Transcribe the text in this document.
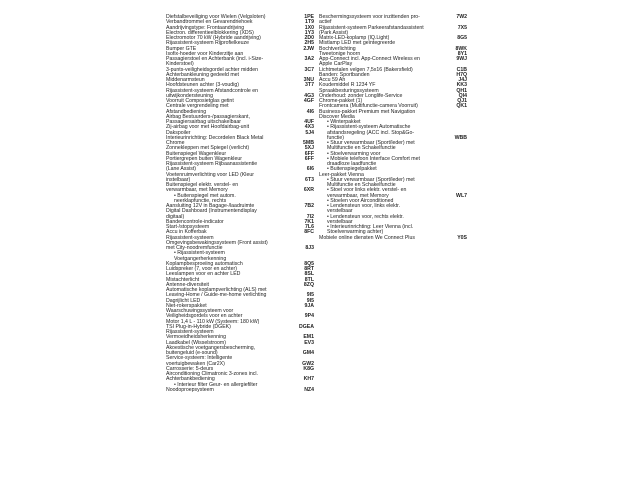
Diefstalbeveiliging voor Wielen (Velgsloten)	1PE
Verbandtrommel en Gevarendriehoek	1T9
Aandrijvingstype: Frontaandrijving	1X0
Electron. differentieelblokkering (XDS)	1Y3
Electromotor 70 kW (Hybride aandrijving)	2D0
Rijassistent-systeem Rijprofielkeuze	2H5
Bumper GTE	2JW
Isofix-hoeder voor Kinderzitje aan
Passagierstoel en Achterbank (incl. i-Size-	3A2
Kinderstoel)
3-punts-veiligheidsgordel achter midden	3C7
Achterbankleuning gedeeld met
Middenarmsteun	3NU
Hoofdsteunen achter (3-voudig)	3T7
Rijassistent-systeem Afstandcontrole en
uitwijkondersteuning	4G3
Voorruit Composietglas getint	4GF
Centrale vergrendeling met
Afstandbediening	4I6
Airbag Bestuurders-/passagierskant,
Passagiersairbag uitschakelbaar	4UF
Zij-airbag voor met Hoofdairbag-unit	4X3
Dakspoiler	5J4
Interieurinrichting: Decordelen Black Metal
Chrome	5MB
Zonnekleppen met Spiegel (verlicht)	5XJ
Buitenspiegel Wagenkleur	6FF
Portiergrepen buiten Wagenkleur	6FF
Rijassistent-systeem Rijbaanassistentie
(Lane Assist)	6I6
Voetenruimverlichting voor LED (Kleur
instelbaar)	6T3
Buitenspiegel elektr. verstel- en
verwarmbaar, met Memory	6XR
• Buitenspiegel met autom.
neerklapfunctie, rechts
Aansluiting 12V in Bagage-/laadruimte	7B2
Digital Dashboard (Instrumentendisplay
digitaal)	7I2
Bandencontrole-indicator	7K1
Start-/stopsysteem	7L6
Accu in Kofferbak	8FC
Rijassistent-systeem
Omgevingsbewakingssysteem (Front assist)
met City-noodremfunctie	8J3
• Rijassistent-systeem
Voetgangerherkenning
Koplampbesproeiing automatisch	8Q5
Luidspreker (7, voor en achter)	8RT
Leeslampen voor en achter LED	8SL
Mistachterlicht	8TL
Antenne-diversiteit	8ZQ
Automatische koplampverlichting (ALS) met
Leaving-Home / Guide-me-home verlichting	9I5
Dagrijlicht LED	9I5
Niet-rokerspakket	9JA
Waarschuwingssysteem voor
Veiligheidsgordels voor en achter	9P4
Motor 1,4 L - 110 kW (Systeem: 180 kW)
TSI Plug-in-Hybride (DGEK)	DGEA
Rijassistent-systeem
Vermoeidheidsherkenning	EM1
Laadkabel (Wisselstroom)	EV3
Akoestische voetgangersbescherming,
buitengeluid (e-sound)	GM4
Service-systeem: Intelligente
voertuigbewaken (Car2X)	GW2
Carrosserie: 5-deurs	K8G
Airconditioning Climatronic 3-zones incl.
Achterbankbediening	KH7
• Interieur filter Geur- en allergiefilter
Noodoproepsysteem	NZ4
Beschermingssysteem voor inzittenden pro-	7W2
actief
Rijassistent-systeem Parkeerafstandassistent	7X5
(Park Assist)
Matrix-LED-koplamp (IQ.Light)	8G5
Mistlamp LED met geïntegreerde
Bochtverlichting	8WK
Tweetonige hoorn	8Y1
App-Connect incl. App-Connect Wireless en	9WJ
Apple CarPlay
Lichtmetalen velgen 7,5x16 (Bakersfield)	C1B
Banden: Sportbanden	H7Q
Accu 59 Ah	J4J
Koudemiddel R 1234 YF	KK3
Spraakbesturingssysteem	QH1
Onderhoud: zonder Longlife-Service	QI4
Chrome-pakket (1)	QJ1
Frontcamera (Multifunctie-camera Voorruit)	QK1
Business-pakket Premium met Navigation
Discover Media
• Winterpakket
• Rijassistent-systeem Automatische
afstandsregeling (ACC incl. Stop&Go-
functie)	WBB
• Stuur verwarmbaar (Sport/leder) met
Multifunctie en Schakelfunctie
• Stoelverwarming voor
• Mobiele telefoon Interface Comfort met
draadloze laadfunctie
• Buitenspiegelpakket
Leer-pakket Vienna
• Stuur verwarmbaar (Sport/leder) met
Multifunctie en Schakelfunctie
• Stoel voor links elektr. verstel- en
verwarmbaar, met Memory	WL7
• Stoelen voor Airconditioned
• Lendensteun voor, links elektr.
verstelbaar
• Lendensteun voor, rechts elektr.
verstelbaar
• Interieurinrichting: Leer Vienna (incl.
Stoelverwarming achter)
Mobiele online diensten We Connect Plus	Y0S
